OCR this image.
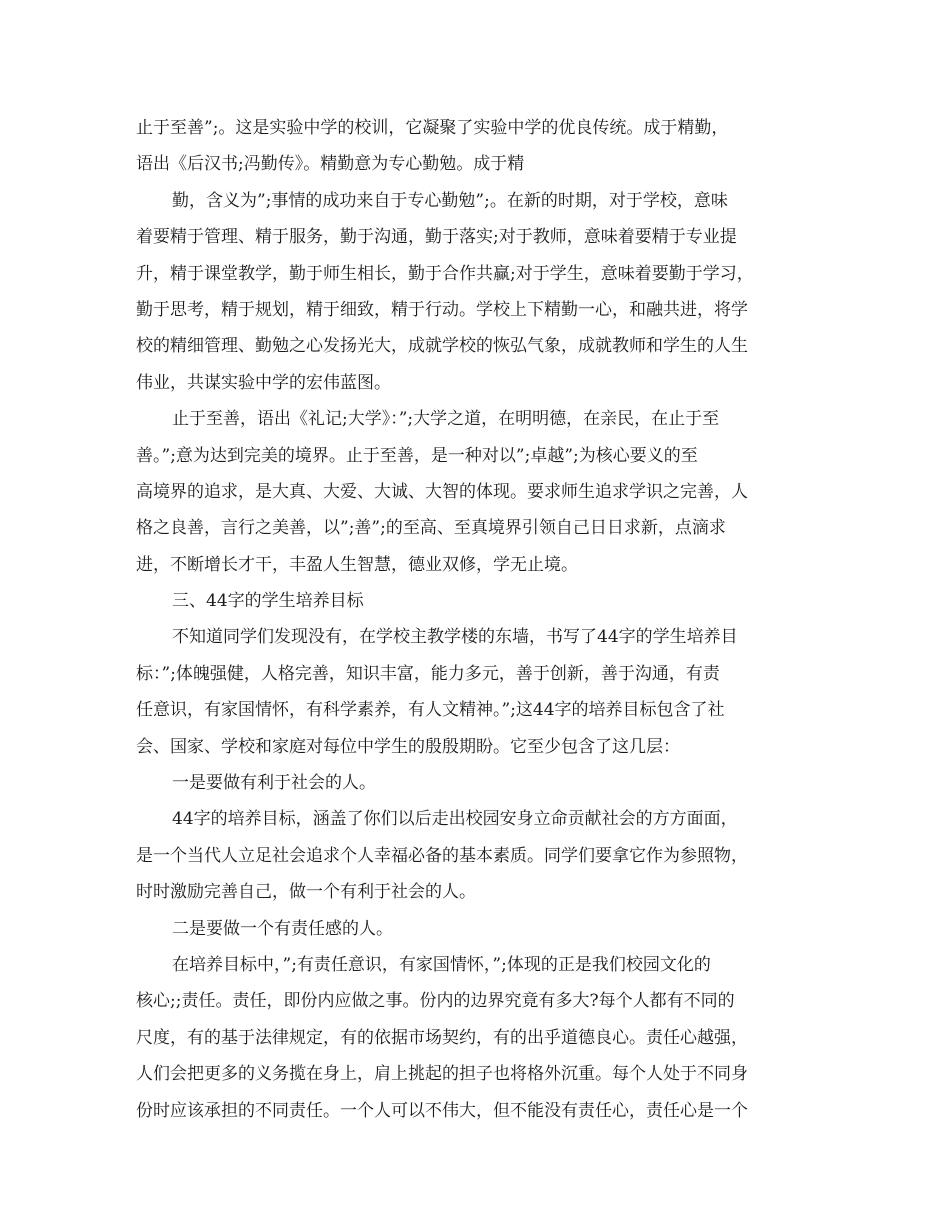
止于至善”;。这是实验中学的校训，它凝聚了实验中学的优良传统。成于精勤，
语出《后汉书;冯勤传》。精勤意为专心勤勉。成于精
勤，含义为”;事情的成功来自于专心勤勉”;。在新的时期，对于学校，意味
着要精于管理、精于服务，勤于沟通，勤于落实;对于教师，意味着要精于专业提
升，精于课堂教学，勤于师生相长，勤于合作共赢;对于学生，意味着要勤于学习，
勤于思考，精于规划，精于细致，精于行动。学校上下精勤一心，和融共进，将学
校的精细管理、勤勉之心发扬光大，成就学校的恢弘气象，成就教师和学生的人生
伟业，共谋实验中学的宏伟蓝图。
止于至善，语出《礼记;大学》：”;大学之道，在明明德，在亲民，在止于至
善。”;意为达到完美的境界。止于至善，是一种对以”;卓越”;为核心要义的至
高境界的追求，是大真、大爱、大诚、大智的体现。要求师生追求学识之完善，人
格之良善，言行之美善，以”;善”;的至高、至真境界引领自己日日求新，点滴求
进，不断增长才干，丰盈人生智慧，德业双修，学无止境。
三、44字的学生培养目标
不知道同学们发现没有，在学校主教学楼的东墙，书写了44字的学生培养目
标：”;体魄强健，人格完善，知识丰富，能力多元，善于创新，善于沟通，有责
任意识，有家国情怀，有科学素养，有人文精神。”;这44字的培养目标包含了社
会、国家、学校和家庭对每位中学生的殷殷期盼。它至少包含了这几层：
一是要做有利于社会的人。
44字的培养目标，涵盖了你们以后走出校园安身立命贡献社会的方方面面，
是一个当代人立足社会追求个人幸福必备的基本素质。同学们要拿它作为参照物，
时时激励完善自己，做一个有利于社会的人。
二是要做一个有责任感的人。
在培养目标中，”;有责任意识，有家国情怀，”;体现的正是我们校园文化的
核心;;责任。责任，即份内应做之事。份内的边界究竟有多大?每个人都有不同的
尺度，有的基于法律规定，有的依据市场契约，有的出乎道德良心。责任心越强，
人们会把更多的义务揽在身上，肩上挑起的担子也将格外沉重。每个人处于不同身
份时应该承担的不同责任。一个人可以不伟大，但不能没有责任心，责任心是一个
